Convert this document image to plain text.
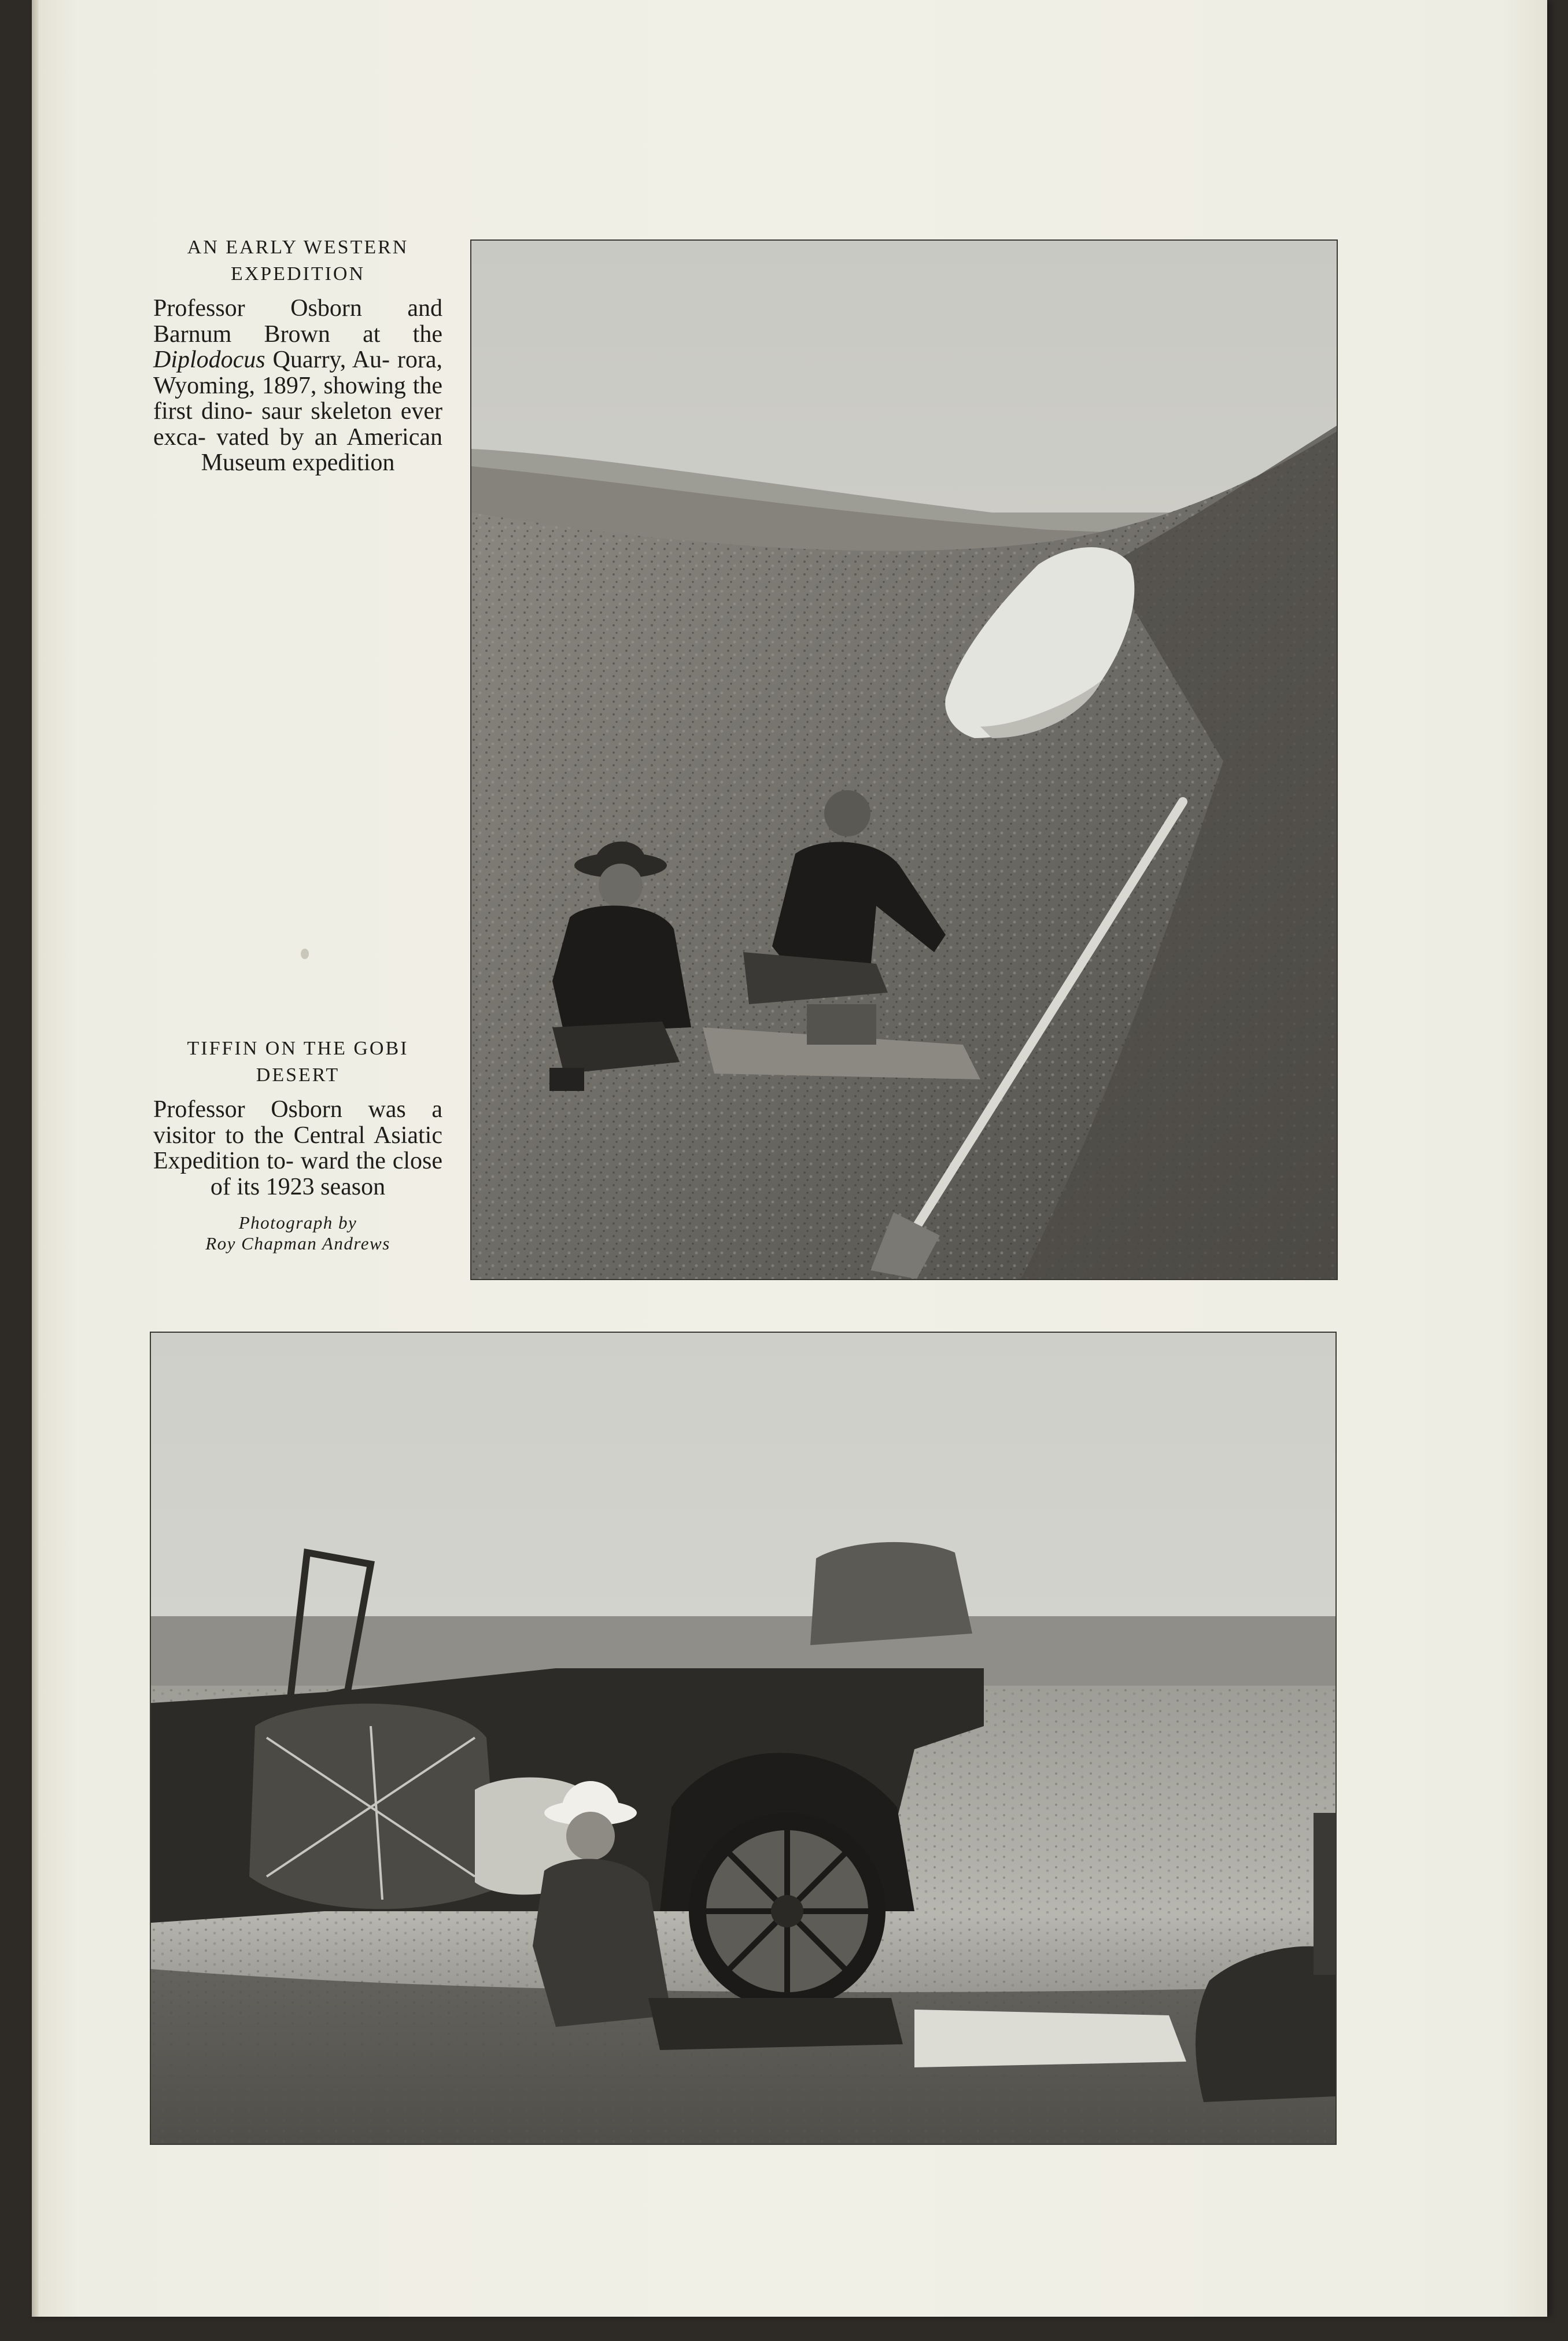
AN EARLY WESTERN EXPEDITION

Professor Osborn and Barnum Brown at the Diplodocus Quarry, Au- rora, Wyoming, 1897, showing the first dino- saur skeleton ever exca- vated by an American Museum expedition

TIFFIN ON THE GOBI DESERT

Professor Osborn was a visitor to the Central Asiatic Expedition to- ward the close of its 1923 season

Photograph by
Roy Chapman Andrews
